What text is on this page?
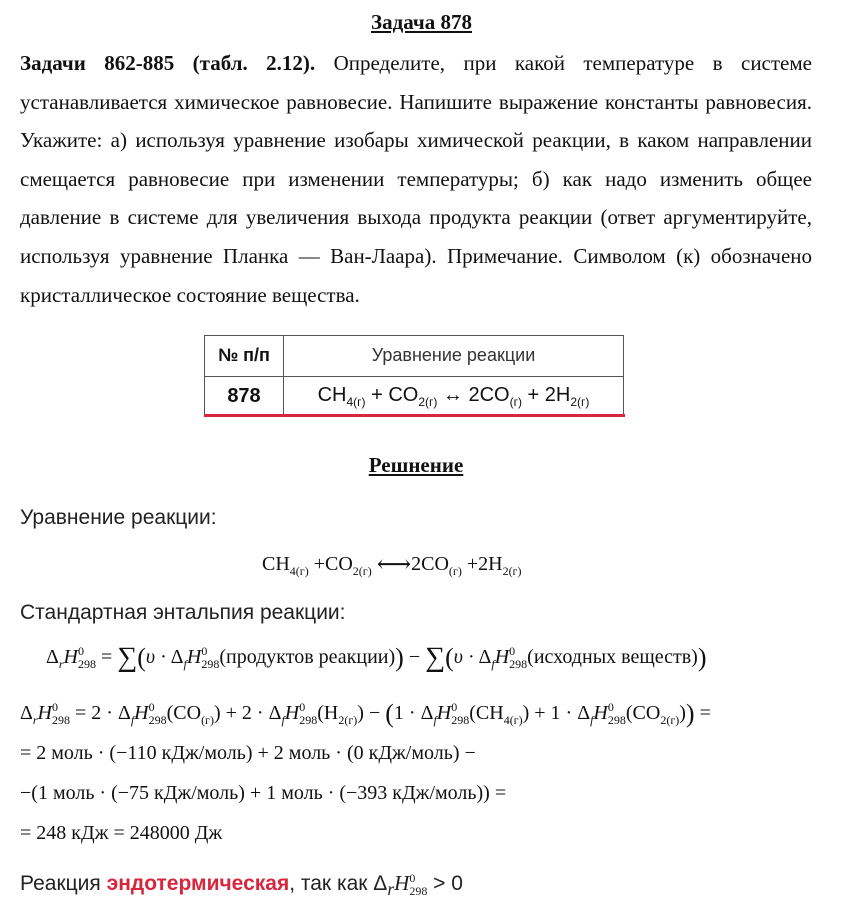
Задача 878
Задачи 862-885 (табл. 2.12). Определите, при какой температуре в системе устанавливается химическое равновесие. Напишите выражение константы равновесия. Укажите: а) используя уравнение изобары химической реакции, в каком направлении смещается равновесие при изменении температуры; б) как надо изменить общее давление в системе для увеличения выхода продукта реакции (ответ аргументируйте, используя уравнение Планка — Ван-Лаара). Примечание. Символом (к) обозначено кристаллическое состояние вещества.
№ п/п	Уравнение реакции
878	$CH_{4(г)} + CO_{2(г)}$ ↔ $2CO_{(г)} + 2H_{2(г)}$
Решнение
Уравнение реакции:
$CH_{4(г)} +CO_{2(г)}$ $⟷2CO_{(г)} +2H_{2(г)}$
Стандартная энтальпия реакции:
$\Delta_rH$ 0
$298 = \sum(\upsilon \cdot \Delta_fH$ 0
298(продуктов реакции)) − $\sum(\upsilon \cdot \Delta_fH$ 0
298(исходных веществ))
$\Delta_rH$ 0
$298 = 2 \cdot \Delta_fH$ 0
$298(CO_{(г)}) + 2 \cdot \Delta_fH$ 0
$298(H_{2(г)}) - (1 \cdot \Delta_fH$ 0
$298(CH_{4(г)}) + 1 \cdot \Delta_fH$ 0
$298(CO_{2(г)})$) =
= 2 моль · (−110 кДж/моль) + 2 моль · (0 кДж/моль) −
−(1 моль · (−75 кДж/моль) + 1 моль · (−393 кДж/моль)) =
= 248 кДж = 248000 Дж
Реакция эндотермическая, так как $\Delta_rH$ 0
298 > 0
